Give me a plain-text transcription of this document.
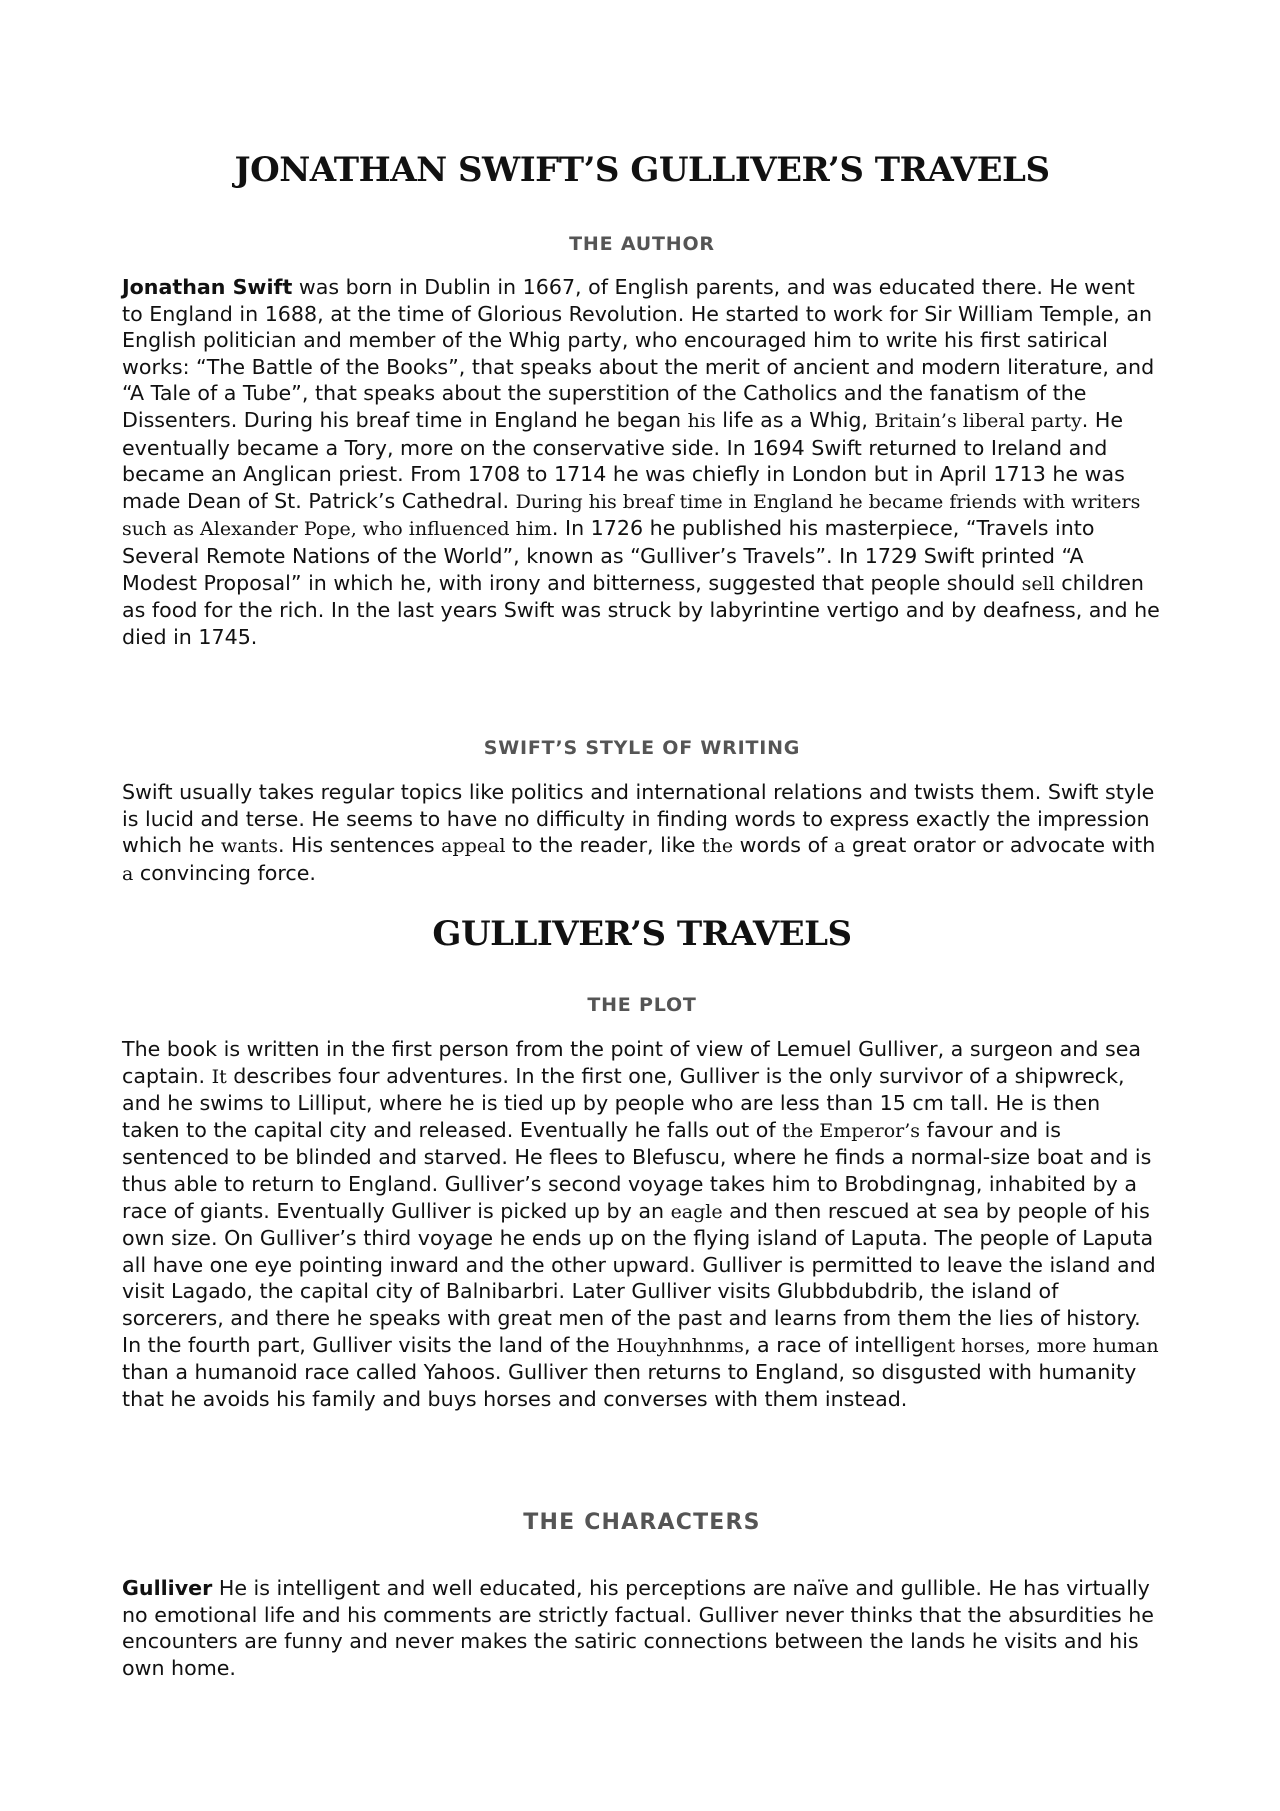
JONATHAN SWIFT’S GULLIVER’S TRAVELS
THE AUTHOR

Jonathan Swift was born in Dublin in 1667, of English parents, and was educated there. He went to England in 1688, at the time of Glorious Revolution. He started to work for Sir William Temple, an English politician and member of the Whig party, who encouraged him to write his first satirical works: “The Battle of the Books”, that speaks about the merit of ancient and modern literature, and “A Tale of a Tube”, that speaks about the superstition of the Catholics and the fanatism of the Dissenters. During his breaf time in England he began his life as a Whig, Britain’s liberal party. He eventually became a Tory, more on the conservative side. In 1694 Swift returned to Ireland and became an Anglican priest. From 1708 to 1714 he was chiefly in London but in April 1713 he was made Dean of St. Patrick’s Cathedral. During his breaf time in England he became friends with writers such as Alexander Pope, who influenced him. In 1726 he published his masterpiece, “Travels into Several Remote Nations of the World”, known as “Gulliver’s Travels”. In 1729 Swift printed “A Modest Proposal” in which he, with irony and bitterness, suggested that people should sell children as food for the rich. In the last years Swift was struck by labyrintine vertigo and by deafness, and he died in 1745.

SWIFT’S STYLE OF WRITING

Swift usually takes regular topics like politics and international relations and twists them. Swift style is lucid and terse. He seems to have no difficulty in finding words to express exactly the impression which he wants. His sentences appeal to the reader, like the words of a great orator or advocate with a convincing force.

GULLIVER’S TRAVELS
THE PLOT

The book is written in the first person from the point of view of Lemuel Gulliver, a surgeon and sea captain. It describes four adventures. In the first one, Gulliver is the only survivor of a shipwreck, and he swims to Lilliput, where he is tied up by people who are less than 15 cm tall. He is then taken to the capital city and released. Eventually he falls out of the Emperor’s favour and is sentenced to be blinded and starved. He flees to Blefuscu, where he finds a normal-size boat and is thus able to return to England. Gulliver’s second voyage takes him to Brobdingnag, inhabited by a race of giants. Eventually Gulliver is picked up by an eagle and then rescued at sea by people of his own size. On Gulliver’s third voyage he ends up on the flying island of Laputa. The people of Laputa all have one eye pointing inward and the other upward. Gulliver is permitted to leave the island and visit Lagado, the capital city of Balnibarbri. Later Gulliver visits Glubbdubdrib, the island of sorcerers, and there he speaks with great men of the past and learns from them the lies of history. In the fourth part, Gulliver visits the land of the Houyhnhnms, a race of intelligent horses, more human than a humanoid race called Yahoos. Gulliver then returns to England, so disgusted with humanity that he avoids his family and buys horses and converses with them instead.

THE CHARACTERS

Gulliver He is intelligent and well educated, his perceptions are naïve and gullible. He has virtually no emotional life and his comments are strictly factual. Gulliver never thinks that the absurdities he encounters are funny and never makes the satiric connections between the lands he visits and his own home.
